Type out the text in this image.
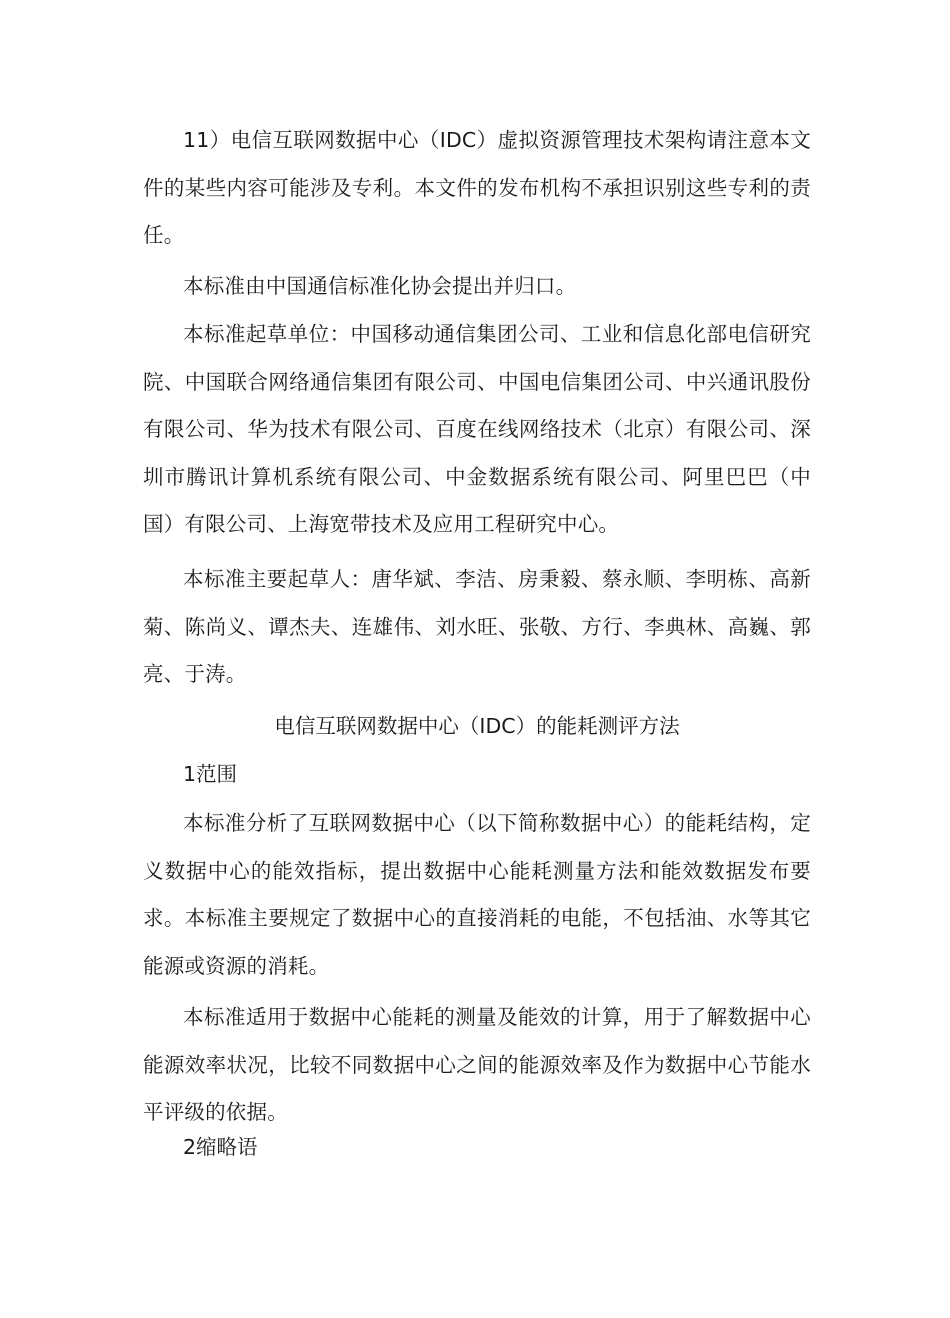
11）电信互联网数据中心（IDC）虚拟资源管理技术架构请注意本文件的某些内容可能涉及专利。本文件的发布机构不承担识别这些专利的责任。

本标准由中国通信标准化协会提出并归口。

本标准起草单位：中国移动通信集团公司、工业和信息化部电信研究院、中国联合网络通信集团有限公司、中国电信集团公司、中兴通讯股份有限公司、华为技术有限公司、百度在线网络技术（北京）有限公司、深圳市腾讯计算机系统有限公司、中金数据系统有限公司、阿里巴巴（中国）有限公司、上海宽带技术及应用工程研究中心。

本标准主要起草人：唐华斌、李洁、房秉毅、蔡永顺、李明栋、高新菊、陈尚义、谭杰夫、连雄伟、刘水旺、张敬、方行、李典林、高巍、郭亮、于涛。

电信互联网数据中心（IDC）的能耗测评方法

1范围

本标准分析了互联网数据中心（以下简称数据中心）的能耗结构，定义数据中心的能效指标，提出数据中心能耗测量方法和能效数据发布要求。本标准主要规定了数据中心的直接消耗的电能，不包括油、水等其它能源或资源的消耗。

本标准适用于数据中心能耗的测量及能效的计算，用于了解数据中心能源效率状况，比较不同数据中心之间的能源效率及作为数据中心节能水平评级的依据。

2缩略语
